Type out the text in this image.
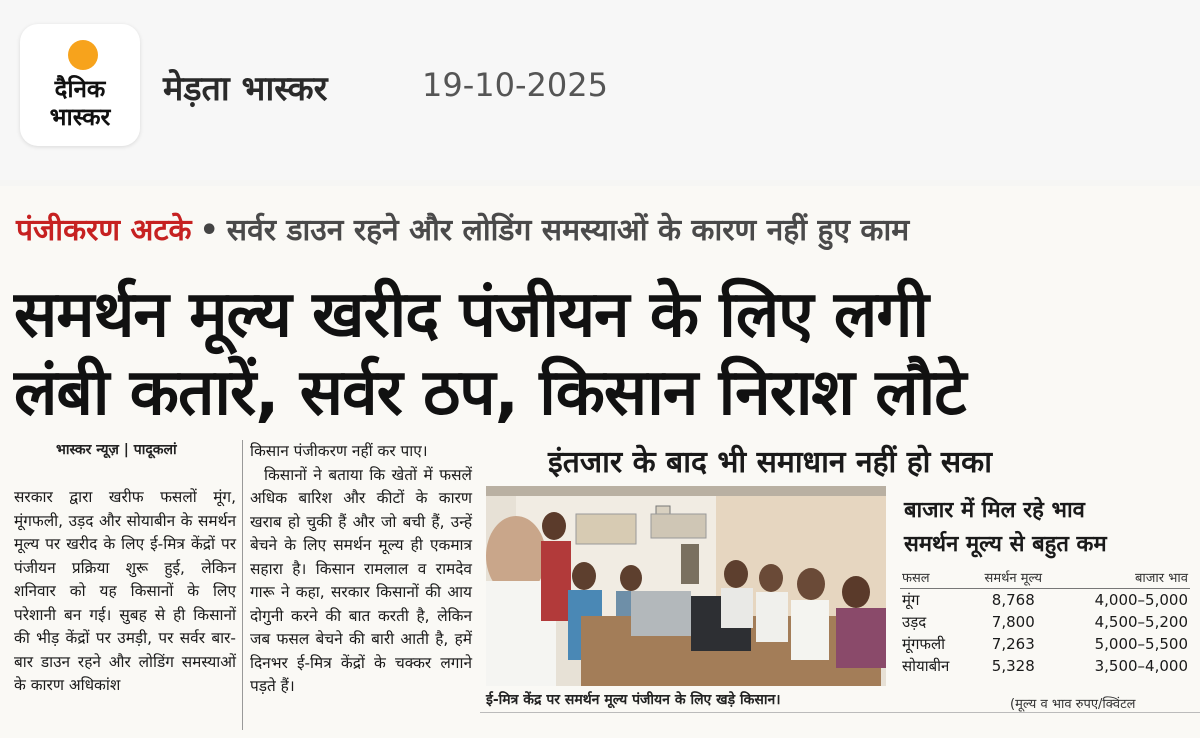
दैनिक
भास्कर
मेड़ता भास्कर	19-10-2025
पंजीकरण अटके • सर्वर डाउन रहने और लोडिंग समस्याओं के कारण नहीं हुए काम
समर्थन मूल्य खरीद पंजीयन के लिए लगी
लंबी कतारें, सर्वर ठप, किसान निराश लौटे
भास्कर न्यूज़ | पादूकलां
सरकार द्वारा खरीफ फसलों मूंग, मूंगफली, उड़द और सोयाबीन के समर्थन मूल्य पर खरीद के लिए ई-मित्र केंद्रों पर पंजीयन प्रक्रिया शुरू हुई, लेकिन शनिवार को यह किसानों के लिए परेशानी बन गई। सुबह से ही किसानों की भीड़ केंद्रों पर उमड़ी, पर सर्वर बार-बार डाउन रहने और लोडिंग समस्याओं के कारण अधिकांश
किसान पंजीकरण नहीं कर पाए।
किसानों ने बताया कि खेतों में फसलें अधिक बारिश और कीटों के कारण खराब हो चुकी हैं और जो बची हैं, उन्हें बेचने के लिए समर्थन मूल्य ही एकमात्र सहारा है। किसान रामलाल व रामदेव गारू ने कहा, सरकार किसानों की आय दोगुनी करने की बात करती है, लेकिन जब फसल बेचने की बारी आती है, हमें दिनभर ई-मित्र केंद्रों के चक्कर लगाने पड़ते हैं।
इंतजार के बाद भी समाधान नहीं हो सका
ई-मित्र केंद्र पर समर्थन मूल्य पंजीयन के लिए खड़े किसान।
बाजार में मिल रहे भाव
समर्थन मूल्य से बहुत कम
फसल	समर्थन मूल्य	बाजार भाव
मूंग	8,768	4,000–5,000
उड़द	7,800	4,500–5,200
मूंगफली	7,263	5,000–5,500
सोयाबीन	5,328	3,500–4,000
(मूल्य व भाव रुपए/क्विंटल
